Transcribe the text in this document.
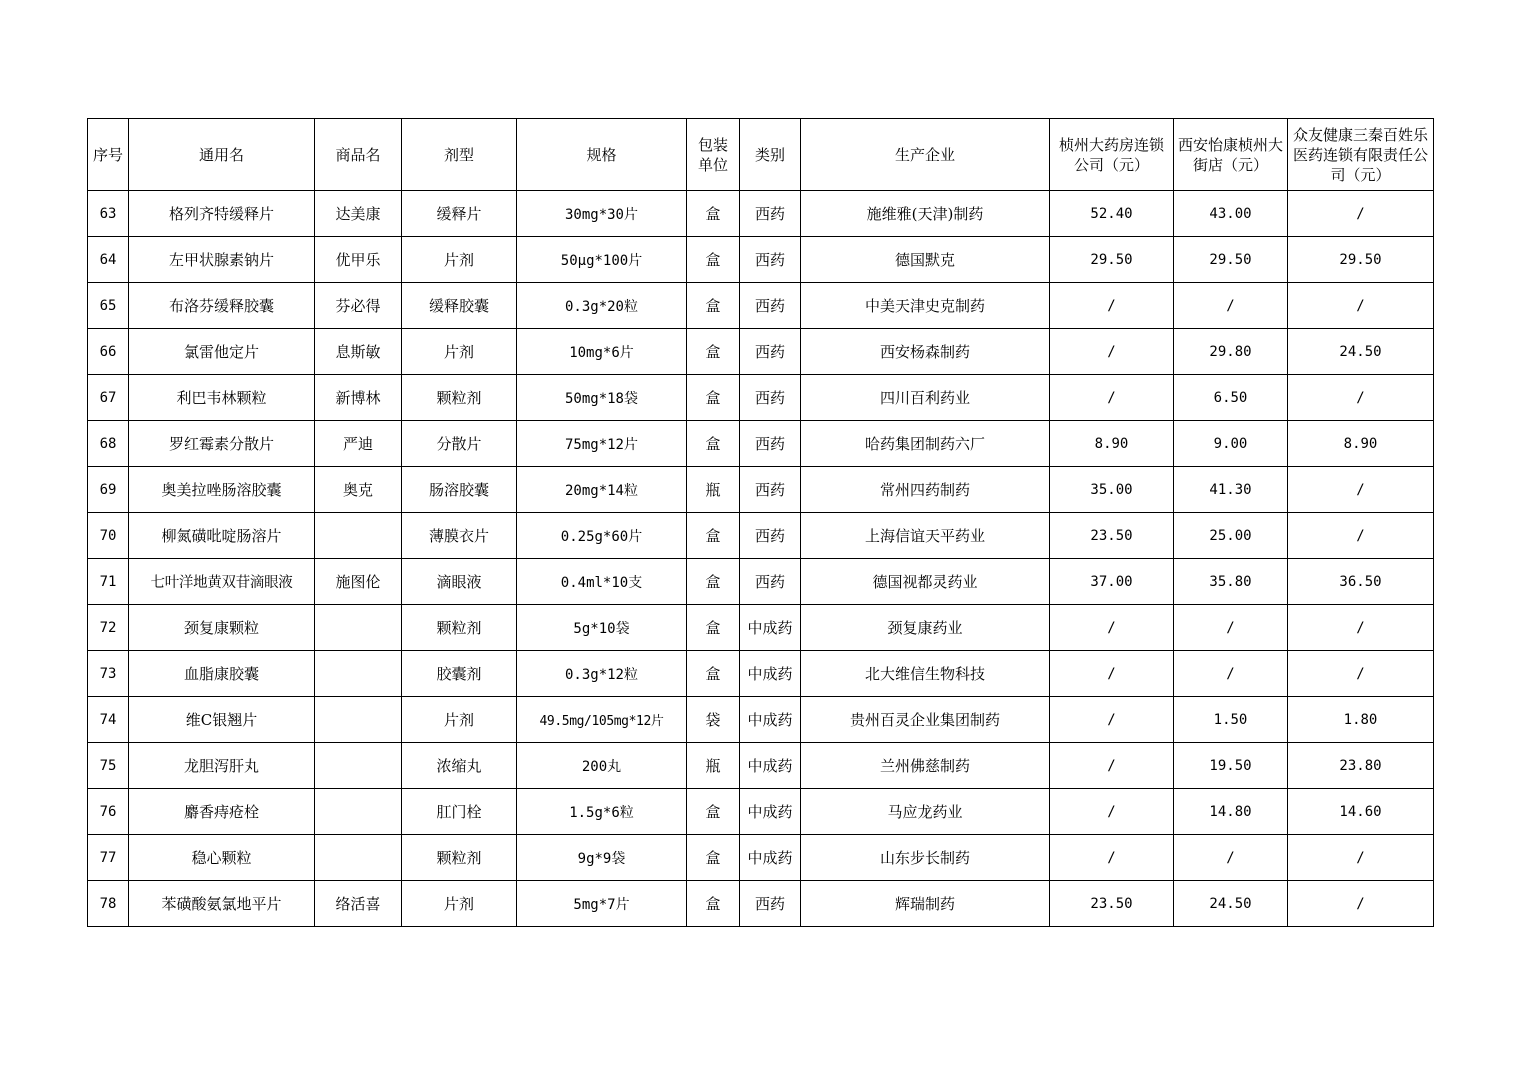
序号	通用名	商品名	剂型	规格	包装单位	类别	生产企业	桢州大药房连锁公司（元）	西安怡康桢州大街店（元）	众友健康三秦百姓乐医药连锁有限责任公司（元）
63	格列齐特缓释片	达美康	缓释片	30mg*30片	盒	西药	施维雅(天津)制药	52.40	43.00	/
64	左甲状腺素钠片	优甲乐	片剂	50μg*100片	盒	西药	德国默克	29.50	29.50	29.50
65	布洛芬缓释胶囊	芬必得	缓释胶囊	0.3g*20粒	盒	西药	中美天津史克制药	/	/	/
66	氯雷他定片	息斯敏	片剂	10mg*6片	盒	西药	西安杨森制药	/	29.80	24.50
67	利巴韦林颗粒	新博林	颗粒剂	50mg*18袋	盒	西药	四川百利药业	/	6.50	/
68	罗红霉素分散片	严迪	分散片	75mg*12片	盒	西药	哈药集团制药六厂	8.90	9.00	8.90
69	奥美拉唑肠溶胶囊	奥克	肠溶胶囊	20mg*14粒	瓶	西药	常州四药制药	35.00	41.30	/
70	柳氮磺吡啶肠溶片		薄膜衣片	0.25g*60片	盒	西药	上海信谊天平药业	23.50	25.00	/
71	七叶洋地黄双苷滴眼液	施图伦	滴眼液	0.4ml*10支	盒	西药	德国视都灵药业	37.00	35.80	36.50
72	颈复康颗粒		颗粒剂	5g*10袋	盒	中成药	颈复康药业	/	/	/
73	血脂康胶囊		胶囊剂	0.3g*12粒	盒	中成药	北大维信生物科技	/	/	/
74	维C银翘片		片剂	49.5mg/105mg*12片	袋	中成药	贵州百灵企业集团制药	/	1.50	1.80
75	龙胆泻肝丸		浓缩丸	200丸	瓶	中成药	兰州佛慈制药	/	19.50	23.80
76	麝香痔疮栓		肛门栓	1.5g*6粒	盒	中成药	马应龙药业	/	14.80	14.60
77	稳心颗粒		颗粒剂	9g*9袋	盒	中成药	山东步长制药	/	/	/
78	苯磺酸氨氯地平片	络活喜	片剂	5mg*7片	盒	西药	辉瑞制药	23.50	24.50	/
